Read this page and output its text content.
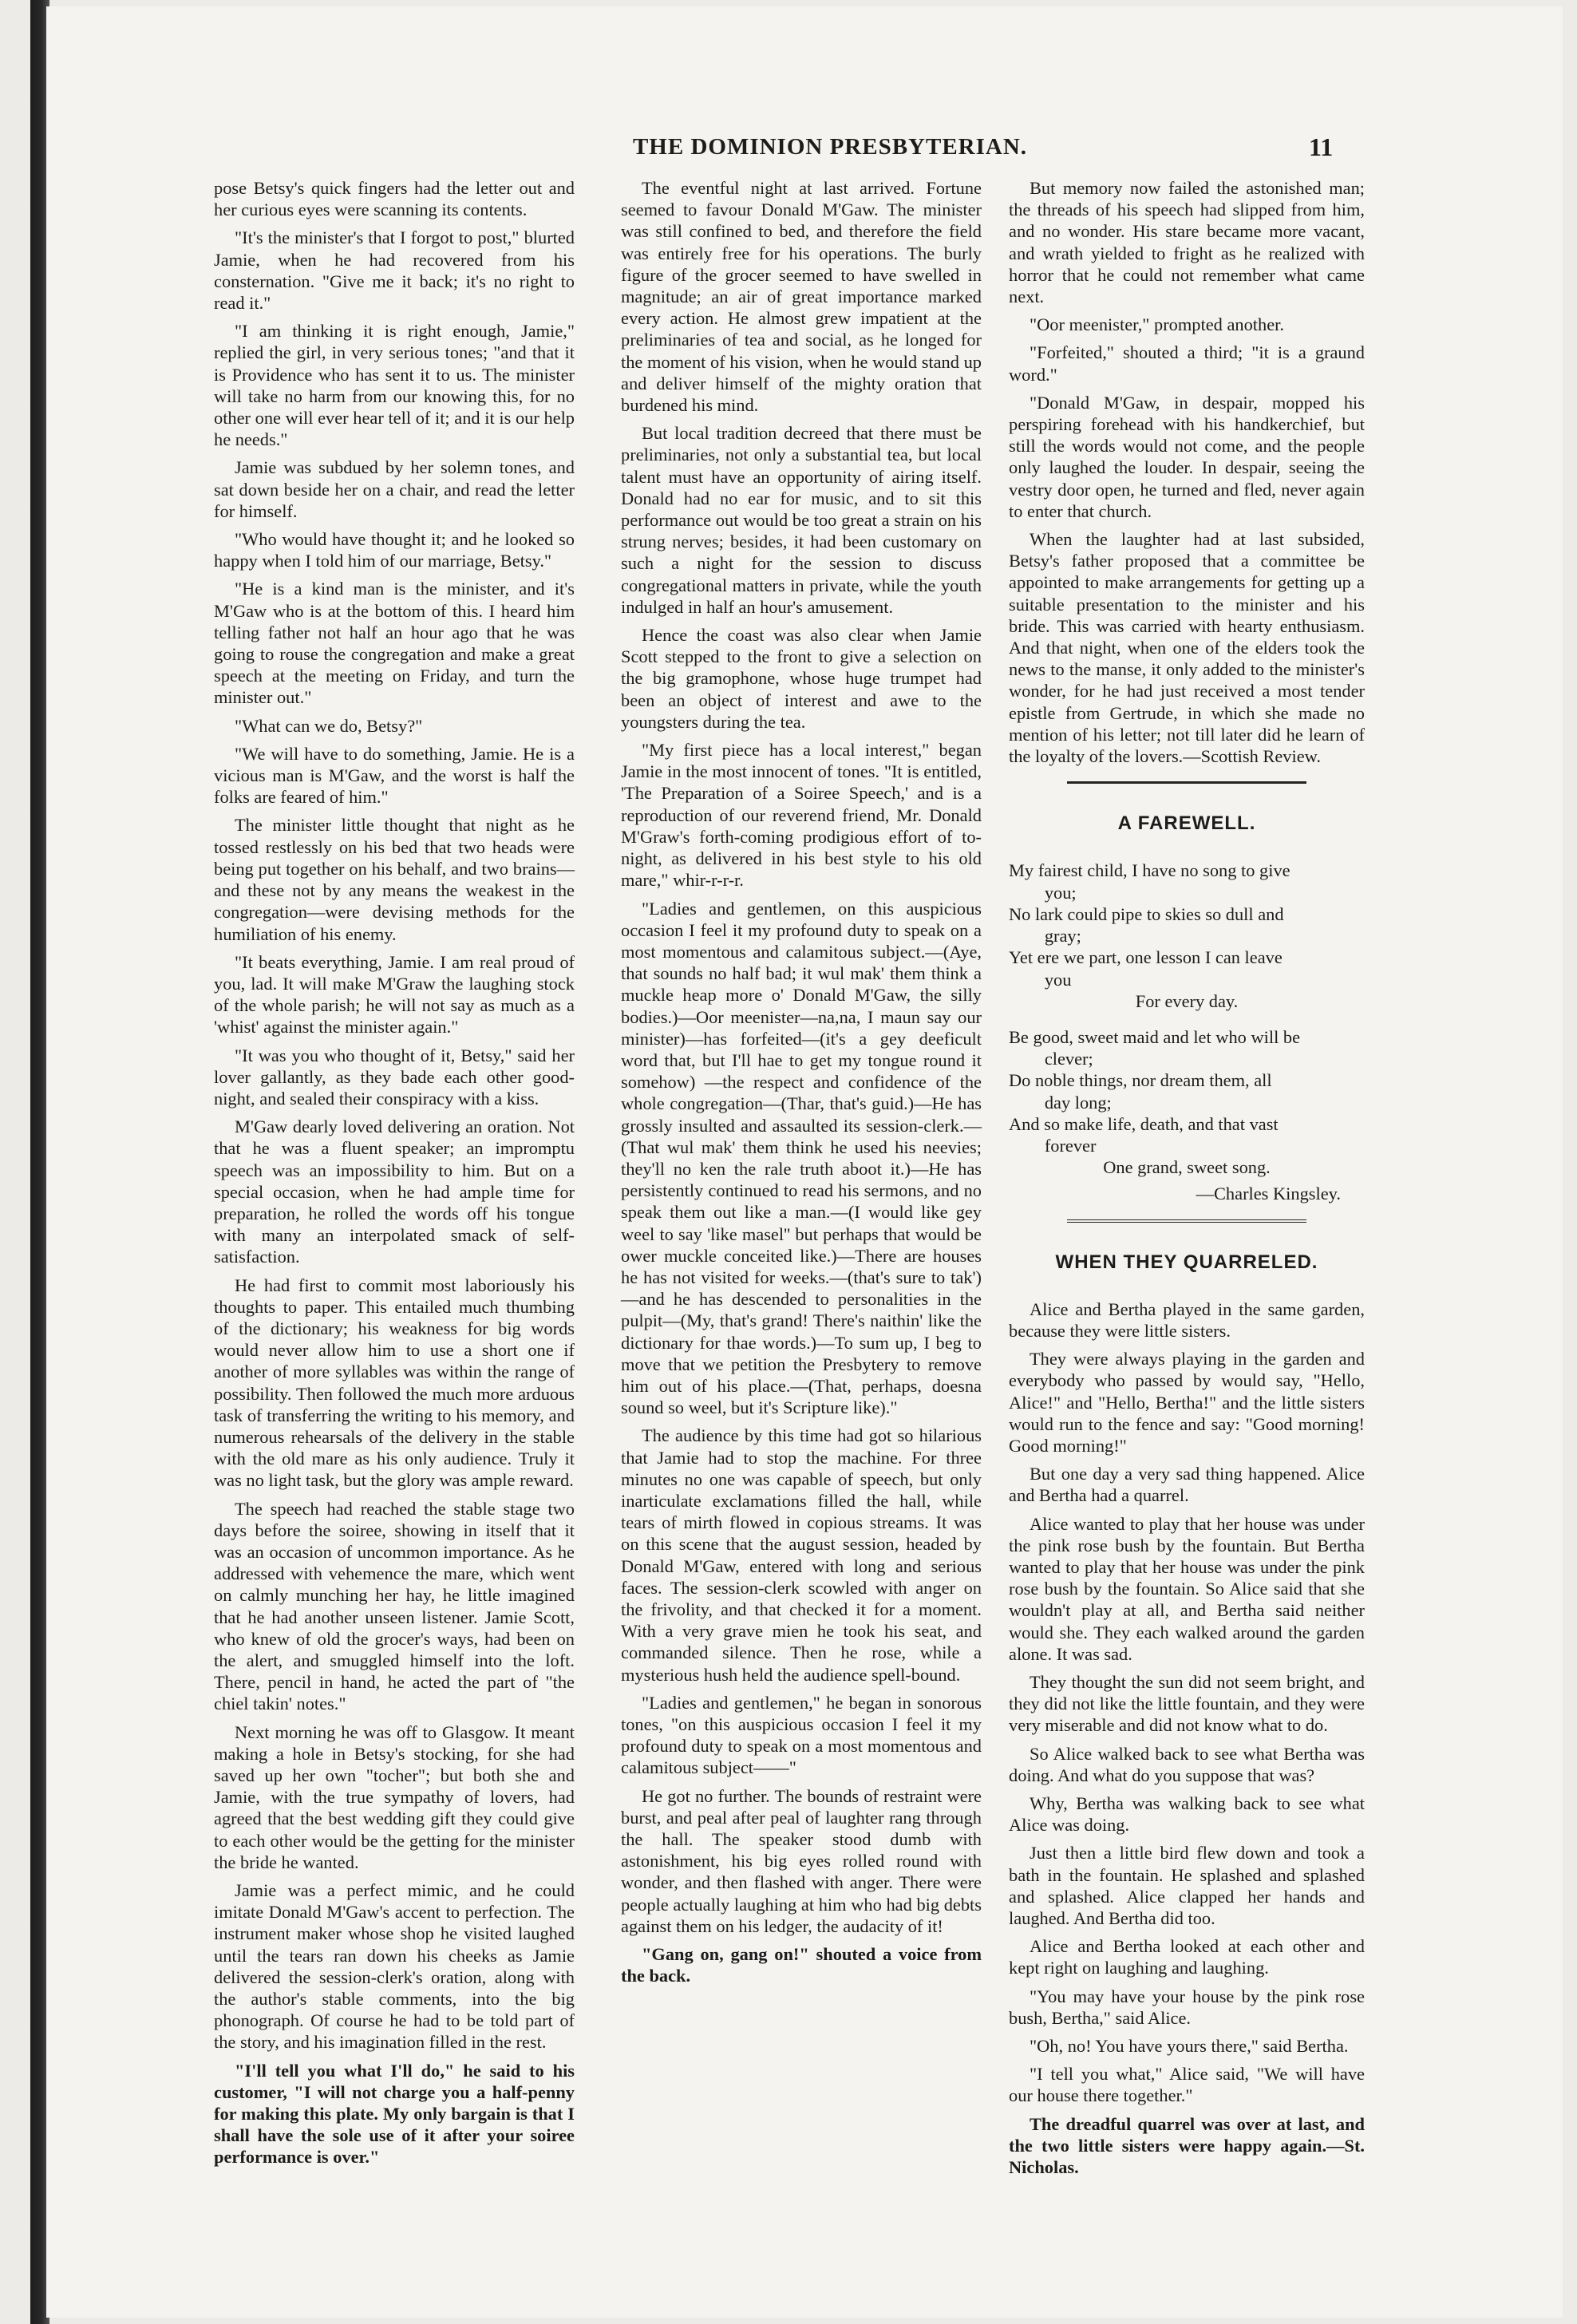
THE DOMINION PRESBYTERIAN.	11

pose Betsy's quick fingers had the letter out and her curious eyes were scanning its contents.

"It's the minister's that I forgot to post," blurted Jamie, when he had recovered from his consternation. "Give me it back; it's no right to read it."

"I am thinking it is right enough, Jamie," replied the girl, in very serious tones; "and that it is Providence who has sent it to us. The minister will take no harm from our knowing this, for no other one will ever hear tell of it; and it is our help he needs."

Jamie was subdued by her solemn tones, and sat down beside her on a chair, and read the letter for himself.

"Who would have thought it; and he looked so happy when I told him of our marriage, Betsy."

"He is a kind man is the minister, and it's M'Gaw who is at the bottom of this. I heard him telling father not half an hour ago that he was going to rouse the congregation and make a great speech at the meeting on Friday, and turn the minister out."

"What can we do, Betsy?"

"We will have to do something, Jamie. He is a vicious man is M'Gaw, and the worst is half the folks are feared of him."

The minister little thought that night as he tossed restlessly on his bed that two heads were being put together on his behalf, and two brains—and these not by any means the weakest in the congregation—were devising methods for the humiliation of his enemy.

"It beats everything, Jamie. I am real proud of you, lad. It will make M'Graw the laughing stock of the whole parish; he will not say as much as a 'whist' against the minister again."

"It was you who thought of it, Betsy," said her lover gallantly, as they bade each other good-night, and sealed their conspiracy with a kiss.

M'Gaw dearly loved delivering an oration. Not that he was a fluent speaker; an impromptu speech was an impossibility to him. But on a special occasion, when he had ample time for preparation, he rolled the words off his tongue with many an interpolated smack of self-satisfaction.

He had first to commit most laboriously his thoughts to paper. This entailed much thumbing of the dictionary; his weakness for big words would never allow him to use a short one if another of more syllables was within the range of possibility. Then followed the much more arduous task of transferring the writing to his memory, and numerous rehearsals of the delivery in the stable with the old mare as his only audience. Truly it was no light task, but the glory was ample reward.

The speech had reached the stable stage two days before the soiree, showing in itself that it was an occasion of uncommon importance. As he addressed with vehemence the mare, which went on calmly munching her hay, he little imagined that he had another unseen listener. Jamie Scott, who knew of old the grocer's ways, had been on the alert, and smuggled himself into the loft. There, pencil in hand, he acted the part of "the chiel takin' notes."

Next morning he was off to Glasgow. It meant making a hole in Betsy's stocking, for she had saved up her own "tocher"; but both she and Jamie, with the true sympathy of lovers, had agreed that the best wedding gift they could give to each other would be the getting for the minister the bride he wanted.

Jamie was a perfect mimic, and he could imitate Donald M'Gaw's accent to perfection. The instrument maker whose shop he visited laughed until the tears ran down his cheeks as Jamie delivered the session-clerk's oration, along with the author's stable comments, into the big phonograph. Of course he had to be told part of the story, and his imagination filled in the rest.

"I'll tell you what I'll do," he said to his customer, "I will not charge you a half-penny for making this plate. My only bargain is that I shall have the sole use of it after your soiree performance is over."

The eventful night at last arrived. Fortune seemed to favour Donald M'Gaw. The minister was still confined to bed, and therefore the field was entirely free for his operations. The burly figure of the grocer seemed to have swelled in magnitude; an air of great importance marked every action. He almost grew impatient at the preliminaries of tea and social, as he longed for the moment of his vision, when he would stand up and deliver himself of the mighty oration that burdened his mind.

But local tradition decreed that there must be preliminaries, not only a substantial tea, but local talent must have an opportunity of airing itself. Donald had no ear for music, and to sit this performance out would be too great a strain on his strung nerves; besides, it had been customary on such a night for the session to discuss congregational matters in private, while the youth indulged in half an hour's amusement.

Hence the coast was also clear when Jamie Scott stepped to the front to give a selection on the big gramophone, whose huge trumpet had been an object of interest and awe to the youngsters during the tea.

"My first piece has a local interest," began Jamie in the most innocent of tones. "It is entitled, 'The Preparation of a Soiree Speech,' and is a reproduction of our reverend friend, Mr. Donald M'Graw's forth-coming prodigious effort of to-night, as delivered in his best style to his old mare," whir-r-r-r.

"Ladies and gentlemen, on this auspicious occasion I feel it my profound duty to speak on a most momentous and calamitous subject.—(Aye, that sounds no half bad; it wul mak' them think a muckle heap more o' Donald M'Gaw, the silly bodies.)—Oor meenister—na,na, I maun say our minister)—has forfeited—(it's a gey deeficult word that, but I'll hae to get my tongue round it somehow) —the respect and confidence of the whole congregation—(Thar, that's guid.)—He has grossly insulted and assaulted its session-clerk.—(That wul mak' them think he used his neevies; they'll no ken the rale truth aboot it.)—He has persistently continued to read his sermons, and no speak them out like a man.—(I would like gey weel to say 'like masel'' but perhaps that would be ower muckle conceited like.)—There are houses he has not visited for weeks.—(that's sure to tak') —and he has descended to personalities in the pulpit—(My, that's grand! There's naithin' like the dictionary for thae words.)—To sum up, I beg to move that we petition the Presbytery to remove him out of his place.—(That, perhaps, doesna sound so weel, but it's Scripture like)."

The audience by this time had got so hilarious that Jamie had to stop the machine. For three minutes no one was capable of speech, but only inarticulate exclamations filled the hall, while tears of mirth flowed in copious streams. It was on this scene that the august session, headed by Donald M'Gaw, entered with long and serious faces. The session-clerk scowled with anger on the frivolity, and that checked it for a moment. With a very grave mien he took his seat, and commanded silence. Then he rose, while a mysterious hush held the audience spell-bound.

"Ladies and gentlemen," he began in sonorous tones, "on this auspicious occasion I feel it my profound duty to speak on a most momentous and calamitous subject——"

He got no further. The bounds of restraint were burst, and peal after peal of laughter rang through the hall. The speaker stood dumb with astonishment, his big eyes rolled round with wonder, and then flashed with anger. There were people actually laughing at him who had big debts against them on his ledger, the audacity of it!

"Gang on, gang on!" shouted a voice from the back.

But memory now failed the astonished man; the threads of his speech had slipped from him, and no wonder. His stare became more vacant, and wrath yielded to fright as he realized with horror that he could not remember what came next.

"Oor meenister," prompted another.

"Forfeited," shouted a third; "it is a graund word."

"Donald M'Gaw, in despair, mopped his perspiring forehead with his handkerchief, but still the words would not come, and the people only laughed the louder. In despair, seeing the vestry door open, he turned and fled, never again to enter that church.

When the laughter had at last subsided, Betsy's father proposed that a committee be appointed to make arrangements for getting up a suitable presentation to the minister and his bride. This was carried with hearty enthusiasm. And that night, when one of the elders took the news to the manse, it only added to the minister's wonder, for he had just received a most tender epistle from Gertrude, in which she made no mention of his letter; not till later did he learn of the loyalty of the lovers.—Scottish Review.

A FAREWELL.
My fairest child, I have no song to give
you;
No lark could pipe to skies so dull and
gray;
Yet ere we part, one lesson I can leave
you
For every day.
Be good, sweet maid and let who will be
clever;
Do noble things, nor dream them, all
day long;
And so make life, death, and that vast
forever
One grand, sweet song.
—Charles Kingsley.
WHEN THEY QUARRELED.

Alice and Bertha played in the same garden, because they were little sisters.

They were always playing in the garden and everybody who passed by would say, "Hello, Alice!" and "Hello, Bertha!" and the little sisters would run to the fence and say: "Good morning! Good morning!"

But one day a very sad thing happened. Alice and Bertha had a quarrel.

Alice wanted to play that her house was under the pink rose bush by the fountain. But Bertha wanted to play that her house was under the pink rose bush by the fountain. So Alice said that she wouldn't play at all, and Bertha said neither would she. They each walked around the garden alone. It was sad.

They thought the sun did not seem bright, and they did not like the little fountain, and they were very miserable and did not know what to do.

So Alice walked back to see what Bertha was doing. And what do you suppose that was?

Why, Bertha was walking back to see what Alice was doing.

Just then a little bird flew down and took a bath in the fountain. He splashed and splashed and splashed. Alice clapped her hands and laughed. And Bertha did too.

Alice and Bertha looked at each other and kept right on laughing and laughing.

"You may have your house by the pink rose bush, Bertha," said Alice.

"Oh, no! You have yours there," said Bertha.

"I tell you what," Alice said, "We will have our house there together."

The dreadful quarrel was over at last, and the two little sisters were happy again.—St. Nicholas.
